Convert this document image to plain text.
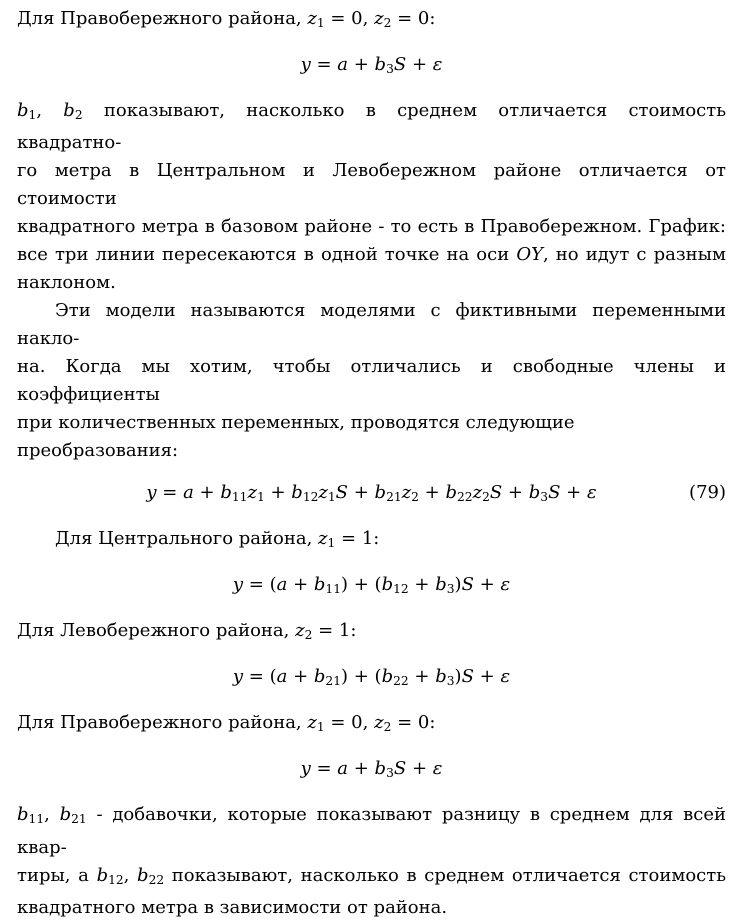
Для Правобережного района, $z_1 = 0$, $z_2 = 0$:
$y = a + b_3S + \varepsilon$
$b_1$, $b_2$ показывают, насколько в среднем отличается стоимость квадратно-
го метра в Центральном и Левобережном районе отличается от стоимости
квадратного метра в базовом районе - то есть в Правобережном. График:
все три линии пересекаются в одной точке на оси OY, но идут с разным
наклоном.
Эти модели называются моделями с фиктивными переменными накло-
на. Когда мы хотим, чтобы отличались и свободные члены и коэффициенты
при количественных переменных, проводятся следующие преобразования:
$y = a + b_{11}z_1 + b_{12}z_1S + b_{21}z_2 + b_{22}z_2S + b_3S + \varepsilon$	(79)
Для Центрального района, $z_1 = 1$:
$y = (a + b_{11}) + (b_{12} + b_3)S + \varepsilon$
Для Левобережного района, $z_2 = 1$:
$y = (a + b_{21}) + (b_{22} + b_3)S + \varepsilon$
Для Правобережного района, $z_1 = 0$, $z_2 = 0$:
$y = a + b_3S + \varepsilon$
$b_{11}$, $b_{21}$ - добавочки, которые показывают разницу в среднем для всей квар-
тиры, а $b_{12}$, $b_{22}$ показывают, насколько в среднем отличается стоимость
квадратного метра в зависимости от района.
